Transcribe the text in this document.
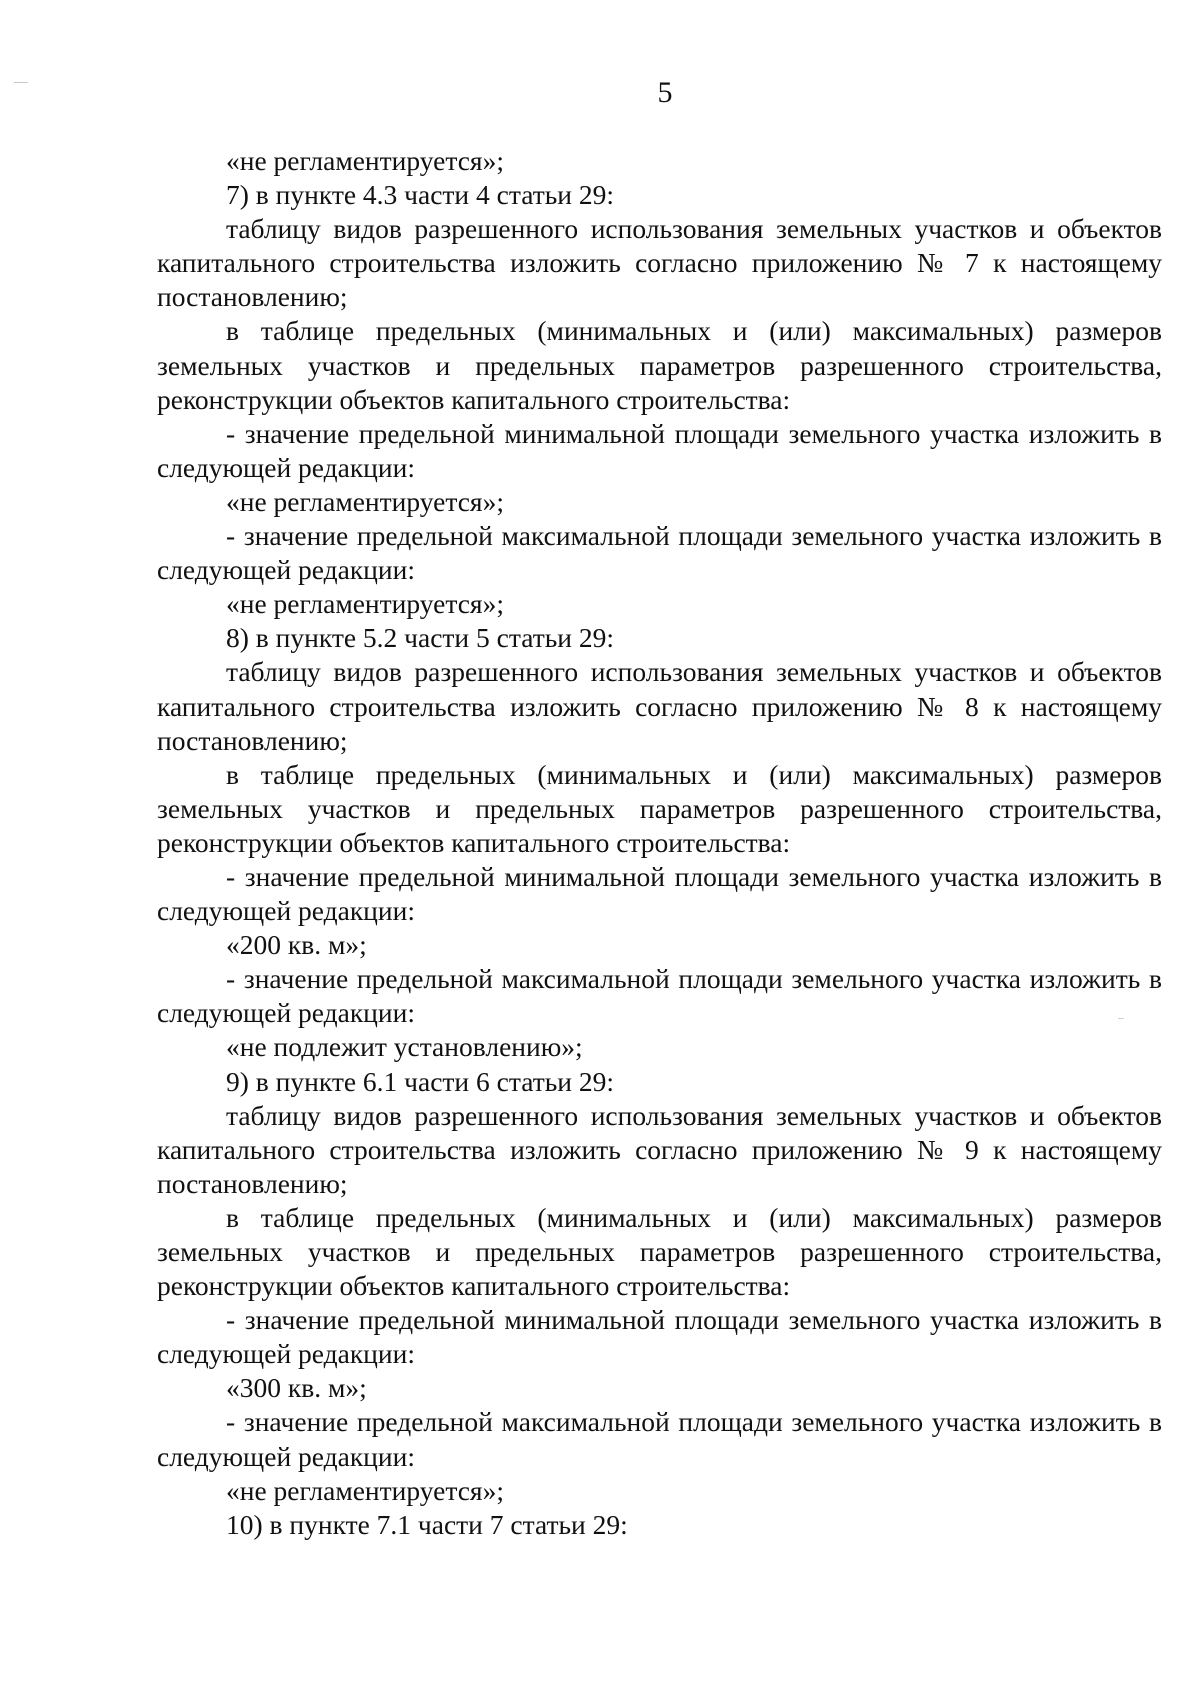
5

«не регламентируется»;

7) в пункте 4.3 части 4 статьи 29:

таблицу видов разрешенного использования земельных участков и объектов капитального строительства изложить согласно приложению № 7 к настоящему постановлению;

в таблице предельных (минимальных и (или) максимальных) размеров земельных участков и предельных параметров разрешенного строительства, реконструкции объектов капитального строительства:

- значение предельной минимальной площади земельного участка изложить в следующей редакции:

«не регламентируется»;

- значение предельной максимальной площади земельного участка изложить в следующей редакции:

«не регламентируется»;

8) в пункте 5.2 части 5 статьи 29:

таблицу видов разрешенного использования земельных участков и объектов капитального строительства изложить согласно приложению № 8 к настоящему постановлению;

в таблице предельных (минимальных и (или) максимальных) размеров земельных участков и предельных параметров разрешенного строительства, реконструкции объектов капитального строительства:

- значение предельной минимальной площади земельного участка изложить в следующей редакции:

«200 кв. м»;

- значение предельной максимальной площади земельного участка изложить в следующей редакции:

«не подлежит установлению»;

9) в пункте 6.1 части 6 статьи 29:

таблицу видов разрешенного использования земельных участков и объектов капитального строительства изложить согласно приложению № 9 к настоящему постановлению;

в таблице предельных (минимальных и (или) максимальных) размеров земельных участков и предельных параметров разрешенного строительства, реконструкции объектов капитального строительства:

- значение предельной минимальной площади земельного участка изложить в следующей редакции:

«300 кв. м»;

- значение предельной максимальной площади земельного участка изложить в следующей редакции:

«не регламентируется»;

10) в пункте 7.1 части 7 статьи 29:
